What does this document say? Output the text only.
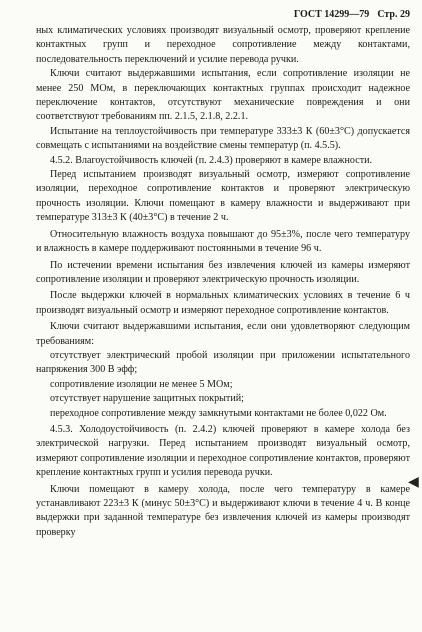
ГОСТ 14299—79 Стр. 29

ных климатических условиях производят визуальный осмотр, проверяют крепление контактных групп и переходное сопротивление между контактами, последовательность переключений и усилие перевода ручки.

Ключи считают выдержавшими испытания, если сопротивление изоляции не менее 250 МОм, в переключающих контактных группах происходит надежное переключение контактов, отсутствуют механические повреждения и они соответствуют требованиям пп. 2.1.5, 2.1.8, 2.2.1.

Испытание на теплоустойчивость при температуре 333±3 К (60±3°C) допускается совмещать с испытаниями на воздействие смены температур (п. 4.5.5).

4.5.2. Влагоустойчивость ключей (п. 2.4.3) проверяют в камере влажности.

Перед испытанием производят визуальный осмотр, измеряют сопротивление изоляции, переходное сопротивление контактов и проверяют электрическую прочность изоляции. Ключи помещают в камеру влажности и выдерживают при температуре 313±3 К (40±3°C) в течение 2 ч.

Относительную влажность воздуха повышают до 95±3%, после чего температуру и влажность в камере поддерживают постоянными в течение 96 ч.

По истечении времени испытания без извлечения ключей из камеры измеряют сопротивление изоляции и проверяют электрическую прочность изоляции.

После выдержки ключей в нормальных климатических условиях в течение 6 ч производят визуальный осмотр и измеряют переходное сопротивление контактов.

Ключи считают выдержавшими испытания, если они удовлетворяют следующим требованиям:

отсутствует электрический пробой изоляции при приложении испытательного напряжения 300 В эфф;

сопротивление изоляции не менее 5 МОм;

отсутствует нарушение защитных покрытий;

переходное сопротивление между замкнутыми контактами не более 0,022 Ом.

4.5.3. Холодоустойчивость (п. 2.4.2) ключей проверяют в камере холода без электрической нагрузки. Перед испытанием производят визуальный осмотр, измеряют сопротивление изоляции и переходное сопротивление контактов, проверяют крепление контактных групп и усилия перевода ручки.

Ключи помещают в камеру холода, после чего температуру в камере устанавливают 223±3 К (минус 50±3°C) и выдерживают ключи в течение 4 ч. В конце выдержки при заданной температуре без извлечения ключей из камеры производят проверку

◀
